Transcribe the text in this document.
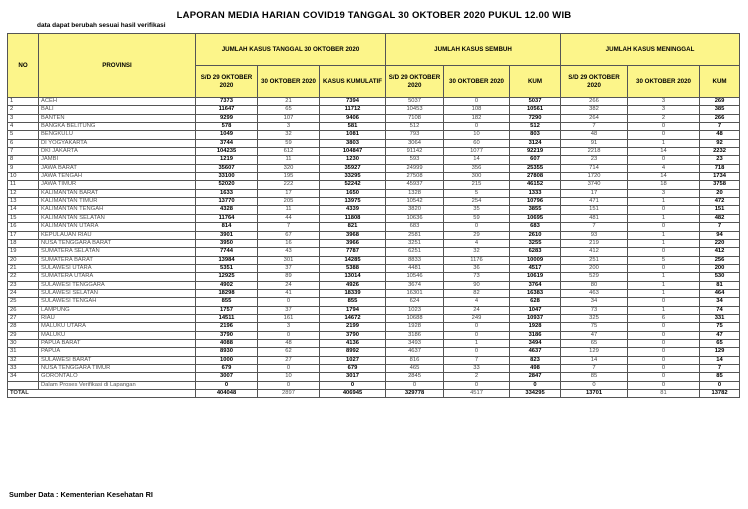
LAPORAN MEDIA HARIAN COVID19 TANGGAL 30 OKTOBER 2020 PUKUL 12.00 WIB
data dapat berubah sesuai hasil verifikasi
NO	PROVINSI	JUMLAH KASUS TANGGAL 30 OKTOBER 2020			JUMLAH KASUS SEMBUH			JUMLAH KASUS MENINGGAL		
		S/D 29 OKTOBER 2020	30 OKTOBER 2020	KASUS KUMULATIF	S/D 29 OKTOBER 2020	30 OKTOBER 2020	KUM	S/D 29 OKTOBER 2020	30 OKTOBER 2020	KUM
1	ACEH	7373	21	7394	5037	0	5037	266	3	269
2	BALI	11647	65	11712	10453	108	10561	382	3	385
3	BANTEN	9299	107	9406	7108	182	7290	264	2	266
4	BANGKA BELITUNG	578	3	581	512	0	512	7	0	7
5	BENGKULU	1049	32	1081	793	10	803	48	0	48
6	DI YOGYAKARTA	3744	59	3803	3064	60	3124	91	1	92
7	DKI JAKARTA	104235	612	104847	91142	1077	92219	2218	14	2232
8	JAMBI	1219	11	1230	593	14	607	23	0	23
9	JAWA BARAT	35607	320	35927	24999	356	25355	714	4	718
10	JAWA TENGAH	33100	195	33295	27508	300	27808	1720	14	1734
11	JAWA TIMUR	52020	222	52242	45937	215	46152	3740	18	3758
12	KALIMANTAN BARAT	1633	17	1650	1328	5	1333	17	3	20
13	KALIMANTAN TIMUR	13770	205	13975	10542	254	10796	471	1	472
14	KALIMANTAN TENGAH	4328	11	4339	3820	35	3855	151	0	151
15	KALIMANTAN SELATAN	11764	44	11808	10636	59	10695	481	1	482
16	KALIMANTAN UTARA	814	7	821	683	0	683	7	0	7
17	KEPULAUAN RIAU	3901	67	3968	2581	29	2610	93	1	94
18	NUSA TENGGARA BARAT	3950	16	3966	3251	4	3255	219	1	220
19	SUMATERA SELATAN	7744	43	7787	6251	32	6283	412	0	412
20	SUMATERA BARAT	13984	301	14285	8833	1176	10009	251	5	256
21	SULAWESI UTARA	5351	37	5388	4481	36	4517	200	0	200
22	SUMATERA UTARA	12925	89	13014	10546	73	10619	529	1	530
23	SULAWESI TENGGARA	4902	24	4926	3674	90	3764	80	1	81
24	SULAWESI SELATAN	18298	41	18339	16301	82	16383	463	1	464
25	SULAWESI TENGAH	855	0	855	624	4	628	34	0	34
26	LAMPUNG	1757	37	1794	1023	24	1047	73	1	74
27	RIAU	14511	161	14672	10688	249	10937	325	6	331
28	MALUKU UTARA	2196	3	2199	1928	0	1928	75	0	75
29	MALUKU	3790	0	3790	3186	0	3186	47	0	47
30	PAPUA BARAT	4088	48	4136	3493	1	3494	65	0	65
31	PAPUA	8930	62	8992	4637	0	4637	129	0	129
32	SULAWESI BARAT	1000	27	1027	816	7	823	14	0	14
33	NUSA TENGGARA TIMUR	679	0	679	465	33	498	7	0	7
34	GORONTALO	3007	10	3017	2845	2	2847	85	0	85
	Dalam Proses Verifikasi di Lapangan	0	0	0	0	0	0	0	0	0
TOTAL		404048	2897	406945	329778	4517	334295	13701	81	13782
Sumber Data : Kementerian Kesehatan RI
